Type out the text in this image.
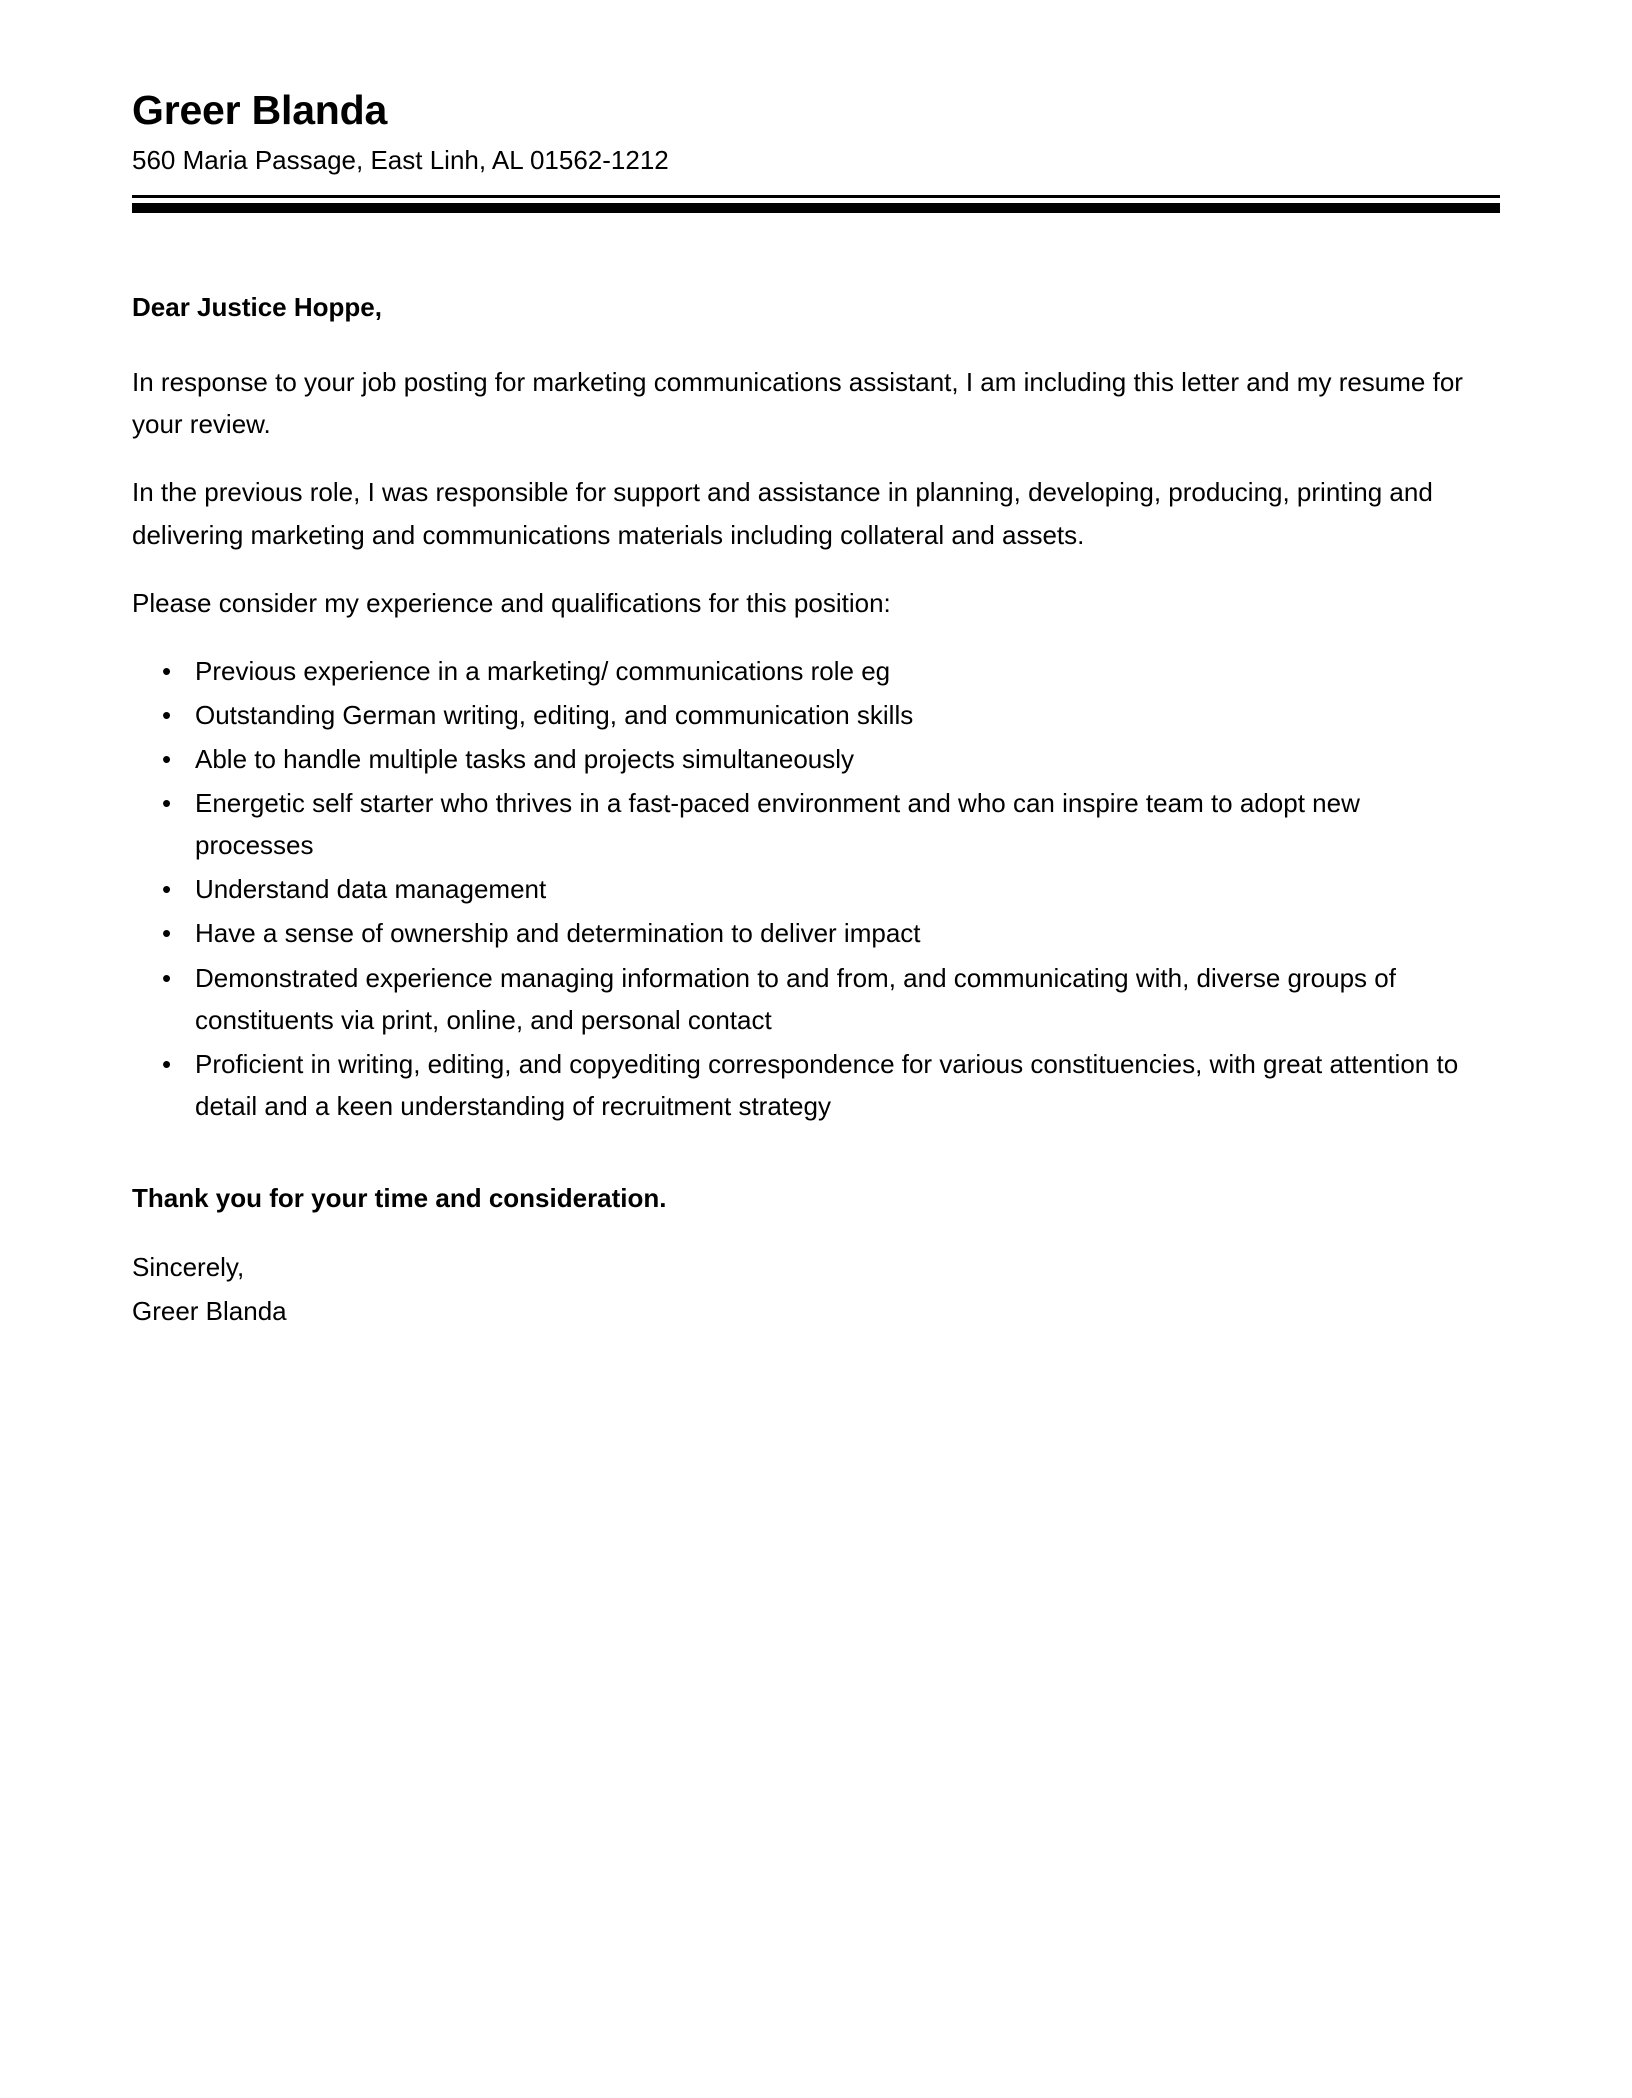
Greer Blanda
560 Maria Passage, East Linh, AL 01562-1212

Dear Justice Hoppe,

In response to your job posting for marketing communications assistant, I am including this letter and my resume for your review.

In the previous role, I was responsible for support and assistance in planning, developing, producing, printing and delivering marketing and communications materials including collateral and assets.

Please consider my experience and qualifications for this position:

• Previous experience in a marketing/ communications role eg
• Outstanding German writing, editing, and communication skills
• Able to handle multiple tasks and projects simultaneously
• Energetic self starter who thrives in a fast-paced environment and who can inspire team to adopt new processes
• Understand data management
• Have a sense of ownership and determination to deliver impact
• Demonstrated experience managing information to and from, and communicating with, diverse groups of constituents via print, online, and personal contact
• Proficient in writing, editing, and copyediting correspondence for various constituencies, with great attention to detail and a keen understanding of recruitment strategy

Thank you for your time and consideration.

Sincerely,

Greer Blanda
